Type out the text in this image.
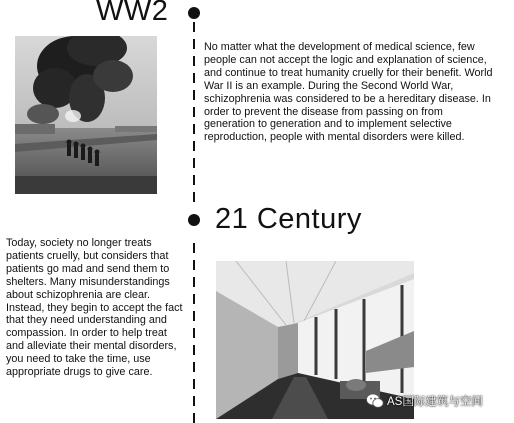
WW2
21 Century

No matter what the development of medical science, few people can not accept the logic and explanation of science, and continue to treat humanity cruelly for their benefit. World War II is an example. During the Second World War, schizophrenia was considered to be a hereditary disease. In order to prevent the disease from passing on from generation to generation and to implement selective reproduction, people with mental disorders were killed.

Today, society no longer treats patients cruelly, but considers that patients go mad and send them to shelters. Many misunderstandings about schizophrenia are clear. Instead, they begin to accept the fact that they need understanding and compassion. In order to help treat and alleviate their mental disorders, you need to take the time, use appropriate drugs to give care.

AS国际建筑与空间
